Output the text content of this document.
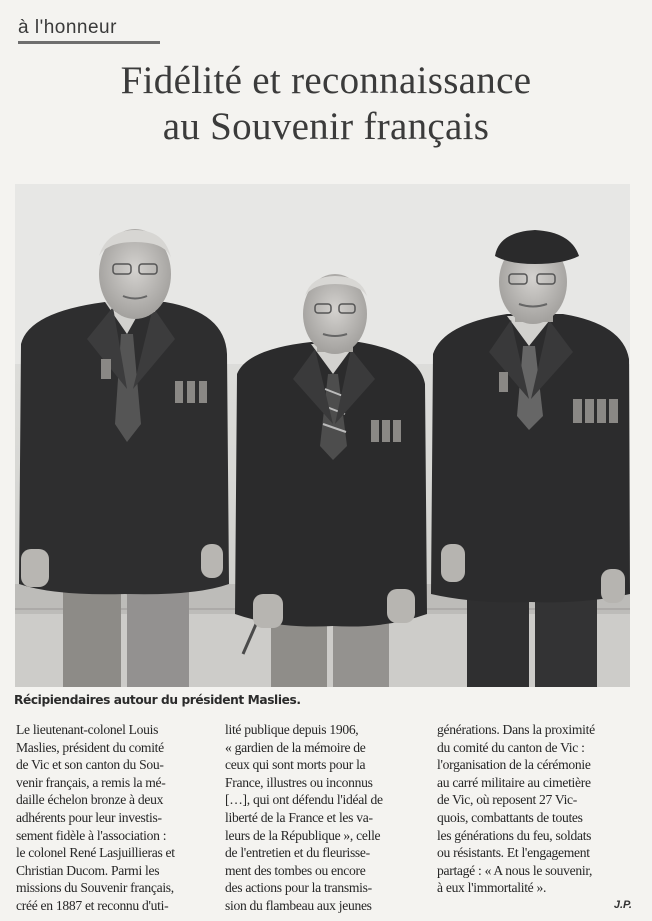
à l'honneur
Fidélité et reconnaissance
au Souvenir français
Récipiendaires autour du président Maslies.
Le lieutenant-colonel Louis
Maslies, président du comité
de Vic et son canton du Sou-
venir français, a remis la mé-
daille échelon bronze à deux
adhérents pour leur investis-
sement fidèle à l'association :
le colonel René Lasjuillieras et
Christian Ducom. Parmi les
missions du Souvenir français,
créé en 1887 et reconnu d'uti-
lité publique depuis 1906,
« gardien de la mémoire de
ceux qui sont morts pour la
France, illustres ou inconnus
[…], qui ont défendu l'idéal de
liberté de la France et les va-
leurs de la République », celle
de l'entretien et du fleurisse-
ment des tombes ou encore
des actions pour la transmis-
sion du flambeau aux jeunes
générations. Dans la proximité
du comité du canton de Vic :
l'organisation de la cérémonie
au carré militaire au cimetière
de Vic, où reposent 27 Vic-
quois, combattants de toutes
les générations du feu, soldats
ou résistants. Et l'engagement
partagé : « A nous le souvenir,
à eux l'immortalité ».
J.P.
